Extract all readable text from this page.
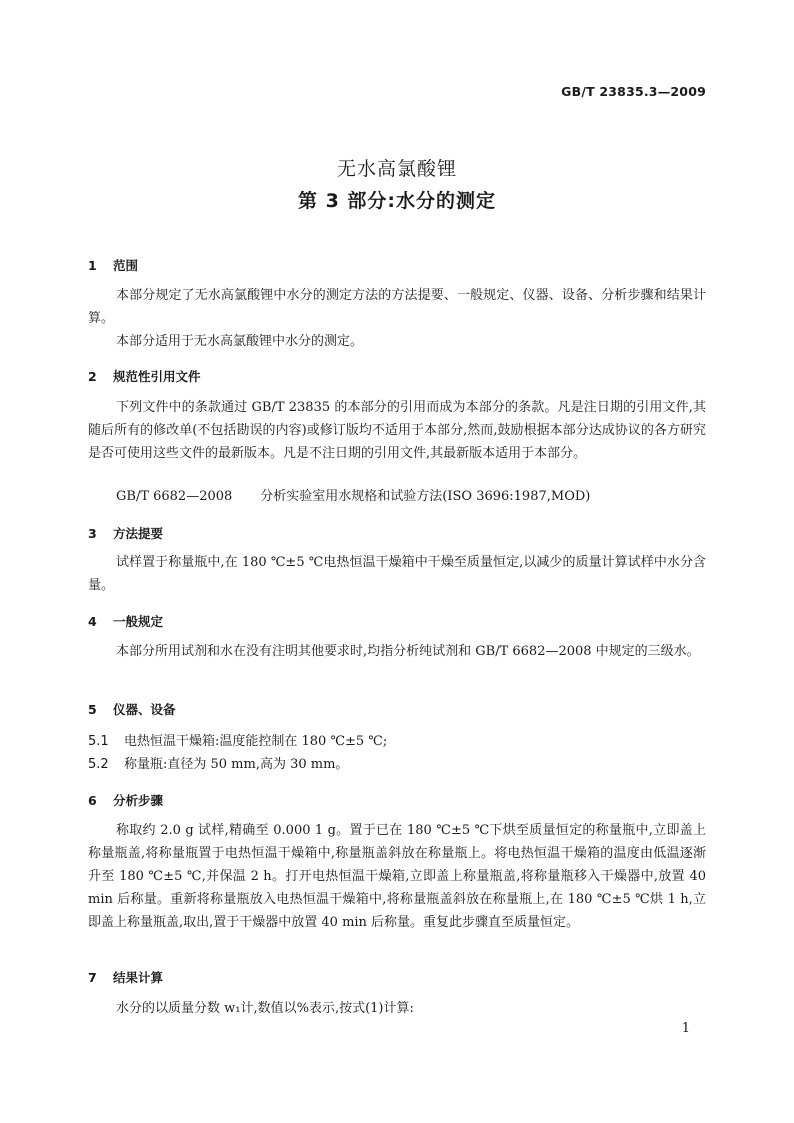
GB/T 23835.3—2009
无水高氯酸锂
第 3 部分:水分的测定
1 范围

本部分规定了无水高氯酸锂中水分的测定方法的方法提要、一般规定、仪器、设备、分析步骤和结果计算。

本部分适用于无水高氯酸锂中水分的测定。

2 规范性引用文件

下列文件中的条款通过 GB/T 23835 的本部分的引用而成为本部分的条款。凡是注日期的引用文件,其随后所有的修改单(不包括勘误的内容)或修订版均不适用于本部分,然而,鼓励根据本部分达成协议的各方研究是否可使用这些文件的最新版本。凡是不注日期的引用文件,其最新版本适用于本部分。

GB/T 6682—2008 分析实验室用水规格和试验方法(ISO 3696:1987,MOD)
3 方法提要

试样置于称量瓶中,在 180 ℃±5 ℃电热恒温干燥箱中干燥至质量恒定,以减少的质量计算试样中水分含量。

4 一般规定

本部分所用试剂和水在没有注明其他要求时,均指分析纯试剂和 GB/T 6682—2008 中规定的三级水。

5 仪器、设备
5.1 电热恒温干燥箱:温度能控制在 180 ℃±5 ℃;
5.2 称量瓶:直径为 50 mm,高为 30 mm。
6 分析步骤

称取约 2.0 g 试样,精确至 0.000 1 g。置于已在 180 ℃±5 ℃下烘至质量恒定的称量瓶中,立即盖上称量瓶盖,将称量瓶置于电热恒温干燥箱中,称量瓶盖斜放在称量瓶上。将电热恒温干燥箱的温度由低温逐渐升至 180 ℃±5 ℃,并保温 2 h。打开电热恒温干燥箱,立即盖上称量瓶盖,将称量瓶移入干燥器中,放置 40 min 后称量。重新将称量瓶放入电热恒温干燥箱中,将称量瓶盖斜放在称量瓶上,在 180 ℃±5 ℃烘 1 h,立即盖上称量瓶盖,取出,置于干燥器中放置 40 min 后称量。重复此步骤直至质量恒定。

7 结果计算

水分的以质量分数 w₁计,数值以%表示,按式(1)计算:

1
